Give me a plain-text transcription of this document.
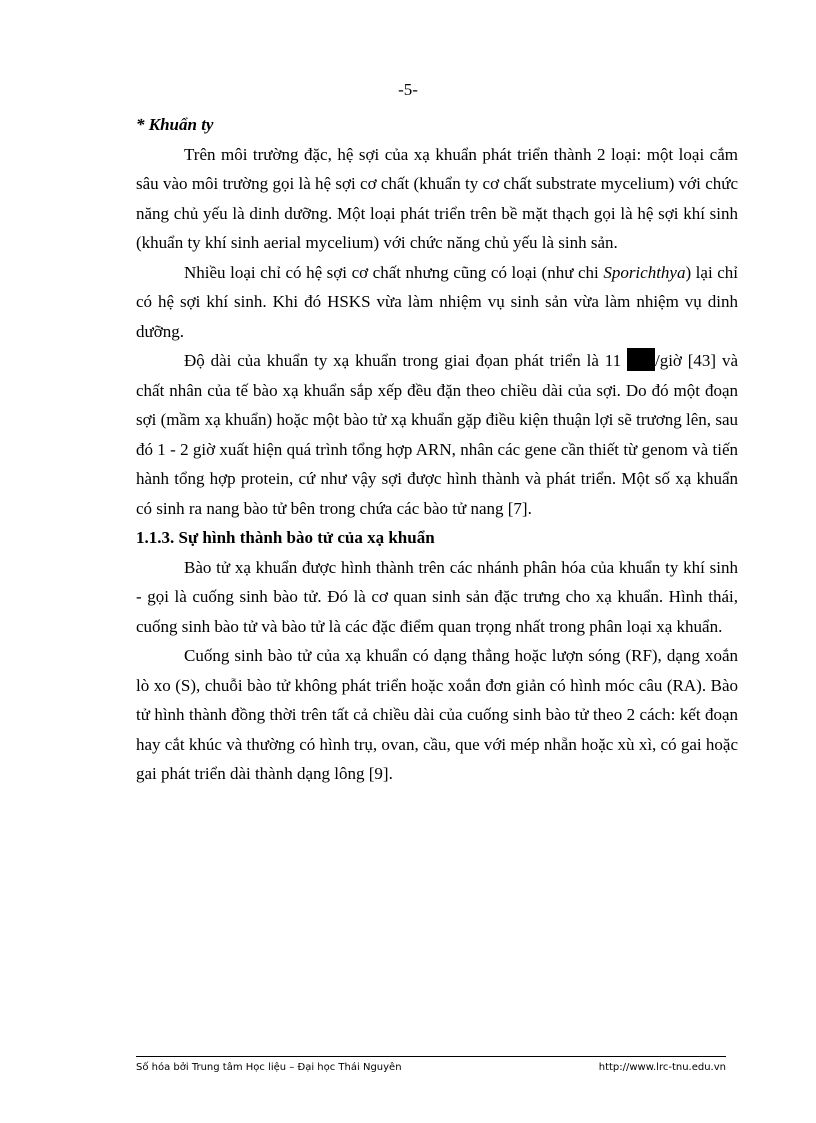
-5-

* Khuẩn ty

Trên môi trường đặc, hệ sợi của xạ khuẩn phát triển thành 2 loại: một loại cắm sâu vào môi trường gọi là hệ sợi cơ chất (khuẩn ty cơ chất substrate mycelium) với chức năng chủ yếu là dinh dưỡng. Một loại phát triển trên bề mặt thạch gọi là hệ sợi khí sinh (khuẩn ty khí sinh aerial mycelium) với chức năng chủ yếu là sinh sản.

Nhiều loại chỉ có hệ sợi cơ chất nhưng cũng có loại (như chi Sporichthya) lại chỉ có hệ sợi khí sinh. Khi đó HSKS vừa làm nhiệm vụ sinh sản vừa làm nhiệm vụ dinh dưỡng.

Độ dài của khuẩn ty xạ khuẩn trong giai đọan phát triển là 11 /giờ [43] và chất nhân của tế bào xạ khuẩn sắp xếp đều đặn theo chiều dài của sợi. Do đó một đoạn sợi (mầm xạ khuẩn) hoặc một bào tử xạ khuẩn gặp điều kiện thuận lợi sẽ trương lên, sau đó 1 - 2 giờ xuất hiện quá trình tổng hợp ARN, nhân các gene cần thiết từ genom và tiến hành tổng hợp protein, cứ như vậy sợi được hình thành và phát triển. Một số xạ khuẩn có sinh ra nang bào tử bên trong chứa các bào tử nang [7].

1.1.3. Sự hình thành bào tử của xạ khuẩn

Bào tử xạ khuẩn được hình thành trên các nhánh phân hóa của khuẩn ty khí sinh - gọi là cuống sinh bào tử. Đó là cơ quan sinh sản đặc trưng cho xạ khuẩn. Hình thái, cuống sinh bào tử và bào tử là các đặc điểm quan trọng nhất trong phân loại xạ khuẩn.

Cuống sinh bào tử của xạ khuẩn có dạng thẳng hoặc lượn sóng (RF), dạng xoắn lò xo (S), chuỗi bào tử không phát triển hoặc xoắn đơn giản có hình móc câu (RA). Bào tử hình thành đồng thời trên tất cả chiều dài của cuống sinh bào tử theo 2 cách: kết đoạn hay cắt khúc và thường có hình trụ, ovan, cầu, que với mép nhẵn hoặc xù xì, có gai hoặc gai phát triển dài thành dạng lông [9].

Số hóa bởi Trung tâm Học liệu – Đại học Thái Nguyên	http://www.lrc-tnu.edu.vn
